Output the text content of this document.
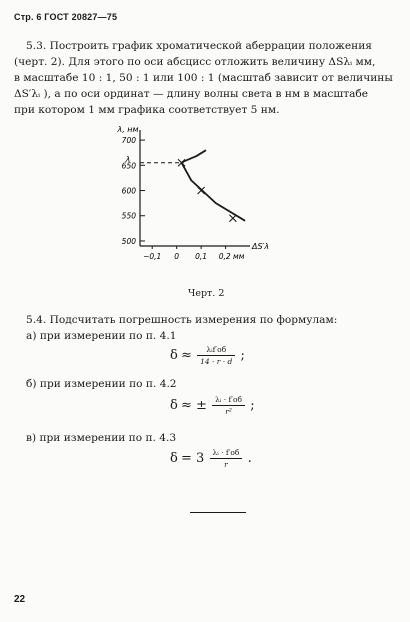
Стр. 6 ГОСТ 20827—75
5.3. Построить график хроматической аберрации положения
(черт. 2). Для этого по оси абсцисс отложить величину ΔSλᵢ мм,
в масштабе 10 : 1, 50 : 1 или 100 : 1 (масштаб зависит от величины
ΔS′λᵢ ), а по оси ординат — длину волны света в нм в масштабе
при котором 1 мм графика соответствует 5 нм.
700
650
600
550
500
λ, нм
−0,1 0 0,1 0,2 мм
ΔS′λ
λ
Черт. 2
5.4. Подсчитать погрешность измерения по формулам:
а) при измерении по п. 4.1
$\delta \approx \frac{\text{λᵢf′об}}{14 \cdot r \cdot d}$ ;
б) при измерении по п. 4.2
δ ≈ ± $\frac{\text{λᵢ · f′об}}{\text{r²}}$ ;
в) при измерении по п. 4.3
$\delta = 3 \frac{\text{λᵢ · f′об}}{r}$ .
22
